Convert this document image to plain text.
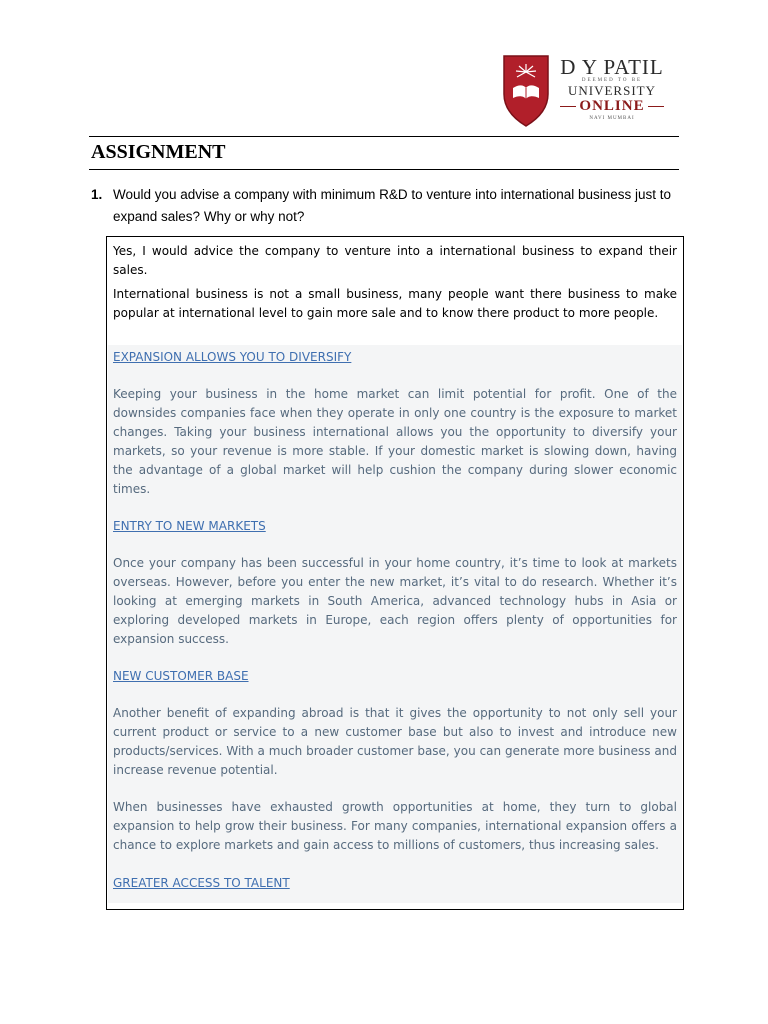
D Y PATIL
DEEMED TO BE
UNIVERSITY
ONLINE
NAVI MUMBAI
ASSIGNMENT
1. Would you advise a company with minimum R&D to venture into international business just to expand sales? Why or why not?

Yes, I would advice the company to venture into a international business to expand their sales.

International business is not a small business, many people want there business to make popular at international level to gain more sale and to know there product to more people.

EXPANSION ALLOWS YOU TO DIVERSIFY

Keeping your business in the home market can limit potential for profit. One of the downsides companies face when they operate in only one country is the exposure to market changes. Taking your business international allows you the opportunity to diversify your markets, so your revenue is more stable. If your domestic market is slowing down, having the advantage of a global market will help cushion the company during slower economic times.

ENTRY TO NEW MARKETS

Once your company has been successful in your home country, it’s time to look at markets overseas. However, before you enter the new market, it’s vital to do research. Whether it’s looking at emerging markets in South America, advanced technology hubs in Asia or exploring developed markets in Europe, each region offers plenty of opportunities for expansion success.

NEW CUSTOMER BASE

Another benefit of expanding abroad is that it gives the opportunity to not only sell your current product or service to a new customer base but also to invest and introduce new products/services. With a much broader customer base, you can generate more business and increase revenue potential.

When businesses have exhausted growth opportunities at home, they turn to global expansion to help grow their business. For many companies, international expansion offers a chance to explore markets and gain access to millions of customers, thus increasing sales.

GREATER ACCESS TO TALENT
